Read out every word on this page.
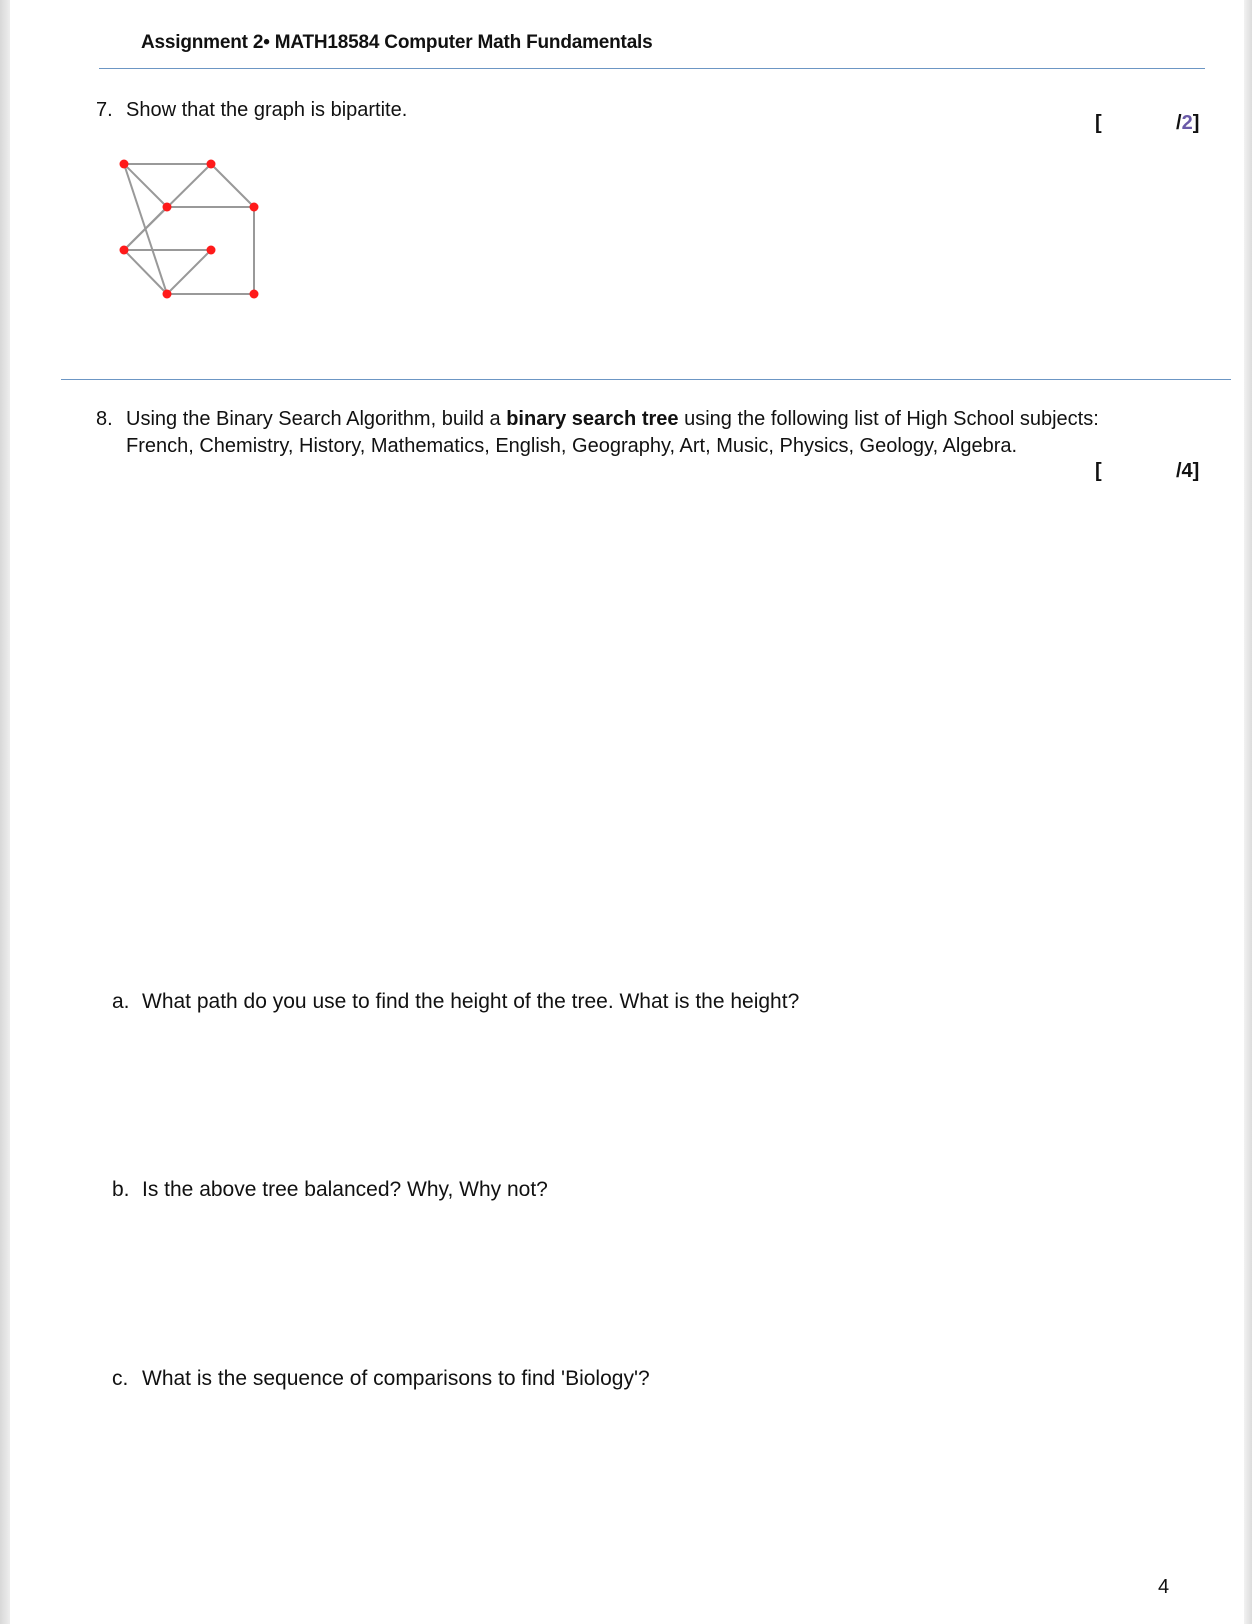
Assignment 2• MATH18584 Computer Math Fundamentals
7. Show that the graph is bipartite.
[	/2]
8. Using the Binary Search Algorithm, build a binary search tree using the following list of High School subjects:
French, Chemistry, History, Mathematics, English, Geography, Art, Music, Physics, Geology, Algebra.
[	/4]
a. What path do you use to find the height of the tree. What is the height?
b. Is the above tree balanced? Why, Why not?
c. What is the sequence of comparisons to find 'Biology'?
4
